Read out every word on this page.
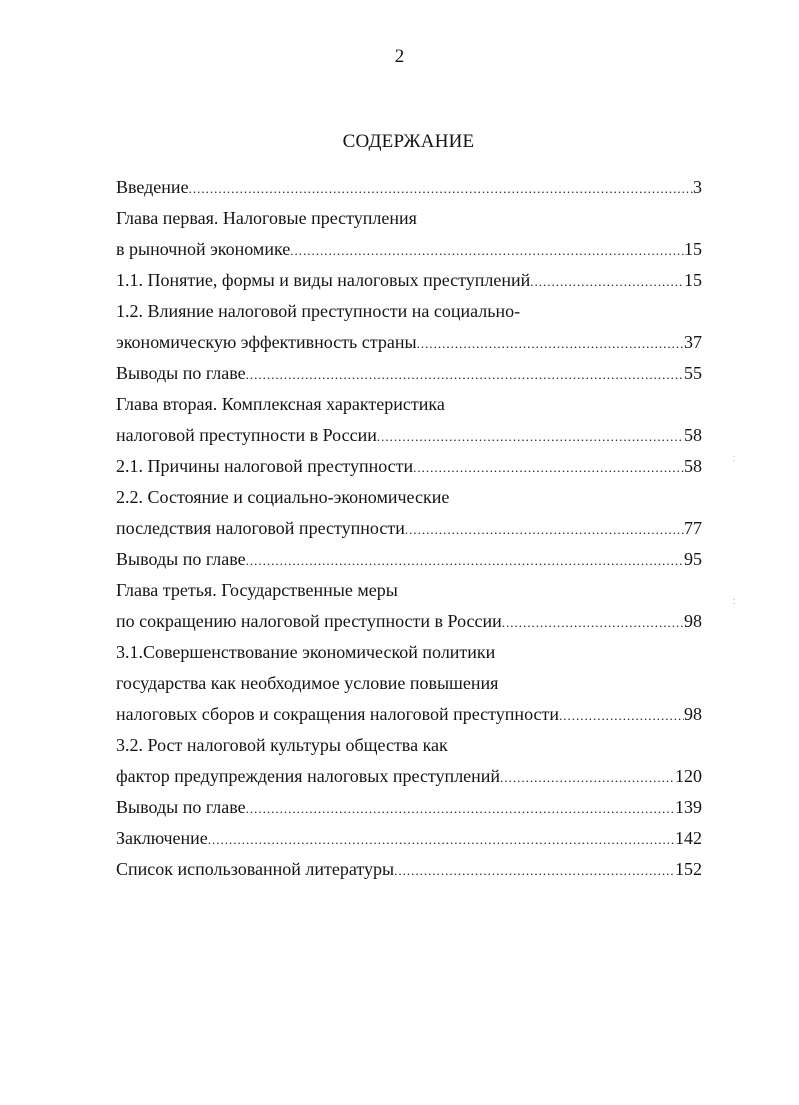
2
СОДЕРЖАНИЕ
Введение .....	3
Глава первая. Налоговые преступления
в рыночной экономике .....	15
1.1. Понятие, формы и виды налоговых преступлений .....	15
1.2. Влияние налоговой преступности на социально-
экономическую эффективность страны .....	37
Выводы по главе .....	55
Глава вторая. Комплексная характеристика
налоговой преступности в России .....	58
2.1. Причины налоговой преступности .....	58
2.2. Состояние и социально-экономические
последствия налоговой преступности .....	77
Выводы по главе .....	95
Глава третья. Государственные меры
по сокращению налоговой преступности в России .....	98
3.1.Совершенствование экономической политики
государства как необходимое условие повышения
налоговых сборов и сокращения налоговой преступности .....	98
3.2. Рост налоговой культуры общества как
фактор предупреждения налоговых преступлений .....	120
Выводы по главе .....	139
Заключение .....	142
Список использованной литературы .....	152
⁚
⁚
